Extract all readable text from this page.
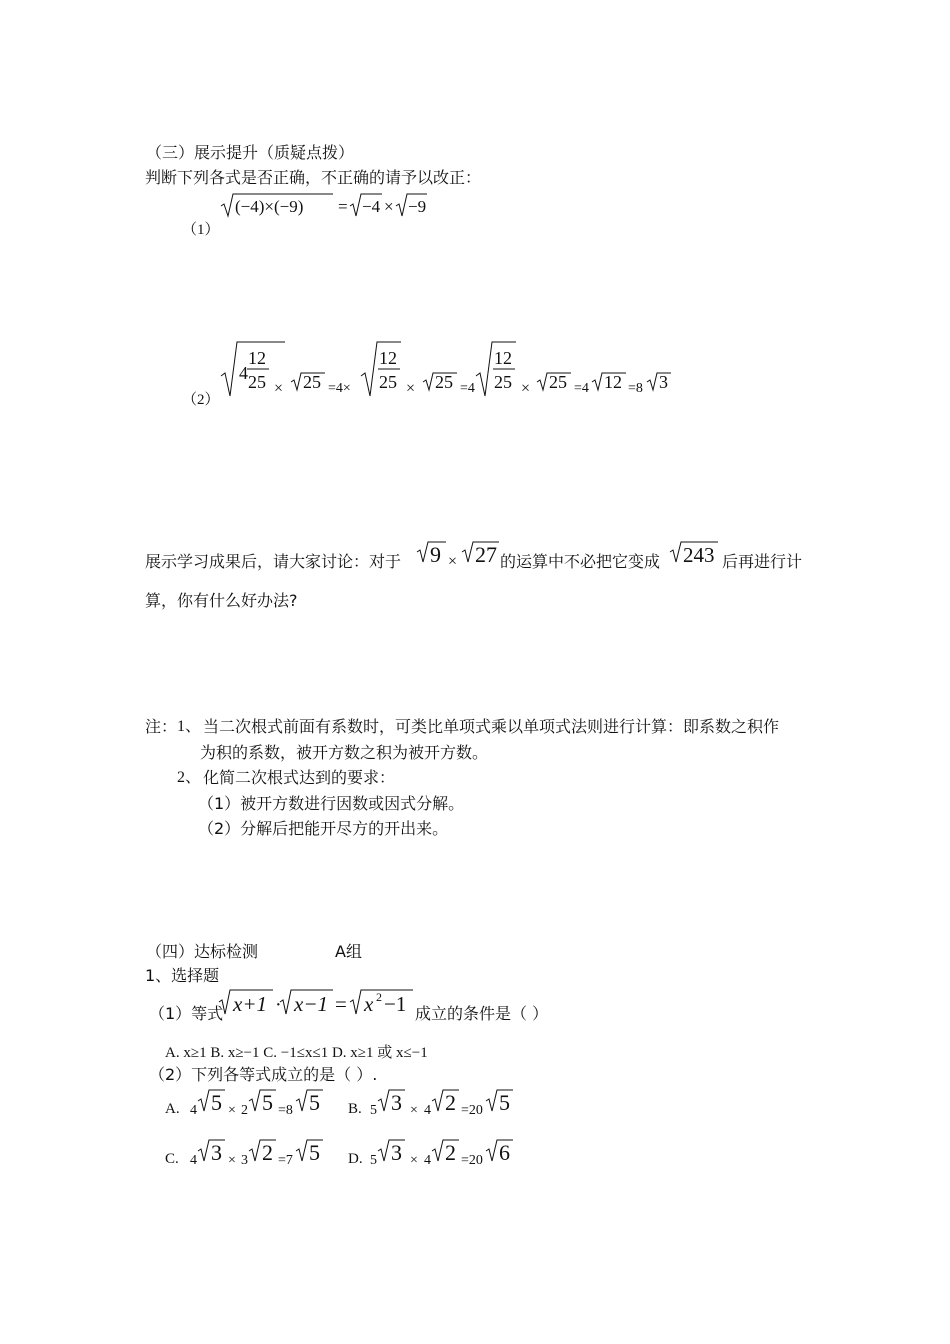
（三）展示提升（质疑点拨）
判断下列各式是否正确，不正确的请予以改正：
（1）
(−4)×(−9) = −4 × −9
（2）
4
12
25 × 25 =4×
12
25 × 25 =4
12
25 × 25 =4 12 =8 3
展示学习成果后，请大家讨论：对于 9 × 27 的运算中不必把它变成 243 后再进行计
算，你有什么好办法?
注： 1、 当二次根式前面有系数时，可类比单项式乘以单项式法则进行计算：即系数之积作
为积的系数，被开方数之积为被开方数。
2、 化简二次根式达到的要求：
（1）被开方数进行因数或因式分解。
（2）分解后把能开尽方的开出来。
（四）达标检测	A组
1、选择题
（1）等式 x+1 · x−1 = x 2 −1 成立的条件是（ ）
A. x≥1 B. x≥−1 C. −1≤x≤1 D. x≥1 或 x≤−1
（2）下列各等式成立的是（ ）.
A. 4 5 × 2 5 =8 5 B. 5 3 × 4 2 =20 5
C. 4 3 × 3 2 =7 5 D. 5 3 × 4 2 =20 6
